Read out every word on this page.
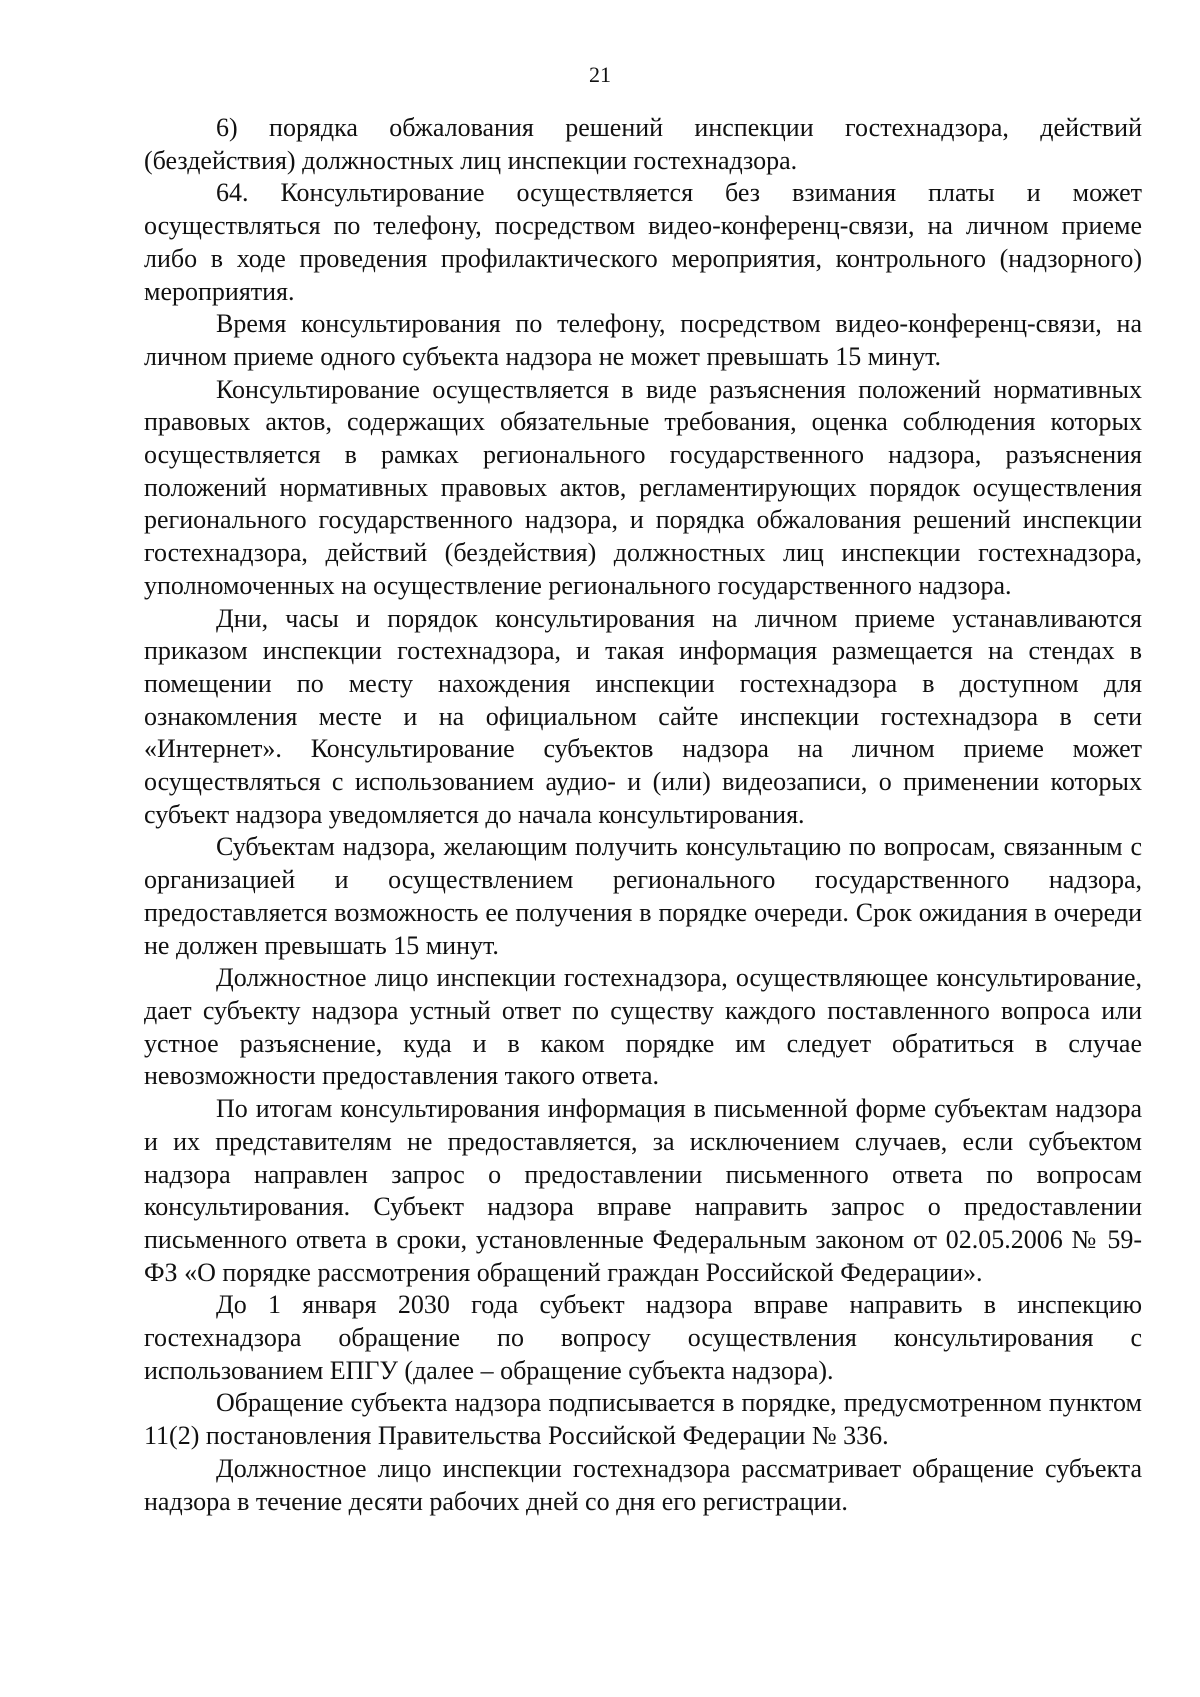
21

6) порядка обжалования решений инспекции гостехнадзора, действий (бездействия) должностных лиц инспекции гостехнадзора.

64. Консультирование осуществляется без взимания платы и может осуществляться по телефону, посредством видео-конференц-связи, на личном приеме либо в ходе проведения профилактического мероприятия, контрольного (надзорного) мероприятия.

Время консультирования по телефону, посредством видео-конференц-связи, на личном приеме одного субъекта надзора не может превышать 15 минут.

Консультирование осуществляется в виде разъяснения положений нормативных правовых актов, содержащих обязательные требования, оценка соблюдения которых осуществляется в рамках регионального государственного надзора, разъяснения положений нормативных правовых актов, регламентирующих порядок осуществления регионального государственного надзора, и порядка обжалования решений инспекции гостехнадзора, действий (бездействия) должностных лиц инспекции гостехнадзора, уполномоченных на осуществление регионального государственного надзора.

Дни, часы и порядок консультирования на личном приеме устанавливаются приказом инспекции гостехнадзора, и такая информация размещается на стендах в помещении по месту нахождения инспекции гостехнадзора в доступном для ознакомления месте и на официальном сайте инспекции гостехнадзора в сети «Интернет». Консультирование субъектов надзора на личном приеме может осуществляться с использованием аудио- и (или) видеозаписи, о применении которых субъект надзора уведомляется до начала консультирования.

Субъектам надзора, желающим получить консультацию по вопросам, связанным с организацией и осуществлением регионального государственного надзора, предоставляется возможность ее получения в порядке очереди. Срок ожидания в очереди не должен превышать 15 минут.

Должностное лицо инспекции гостехнадзора, осуществляющее консультирование, дает субъекту надзора устный ответ по существу каждого поставленного вопроса или устное разъяснение, куда и в каком порядке им следует обратиться в случае невозможности предоставления такого ответа.

По итогам консультирования информация в письменной форме субъектам надзора и их представителям не предоставляется, за исключением случаев, если субъектом надзора направлен запрос о предоставлении письменного ответа по вопросам консультирования. Субъект надзора вправе направить запрос о предоставлении письменного ответа в сроки, установленные Федеральным законом от 02.05.2006 № 59-ФЗ «О порядке рассмотрения обращений граждан Российской Федерации».

До 1 января 2030 года субъект надзора вправе направить в инспекцию гостехнадзора обращение по вопросу осуществления консультирования с использованием ЕПГУ (далее – обращение субъекта надзора).

Обращение субъекта надзора подписывается в порядке, предусмотренном пунктом 11(2) постановления Правительства Российской Федерации № 336.

Должностное лицо инспекции гостехнадзора рассматривает обращение субъекта надзора в течение десяти рабочих дней со дня его регистрации.
